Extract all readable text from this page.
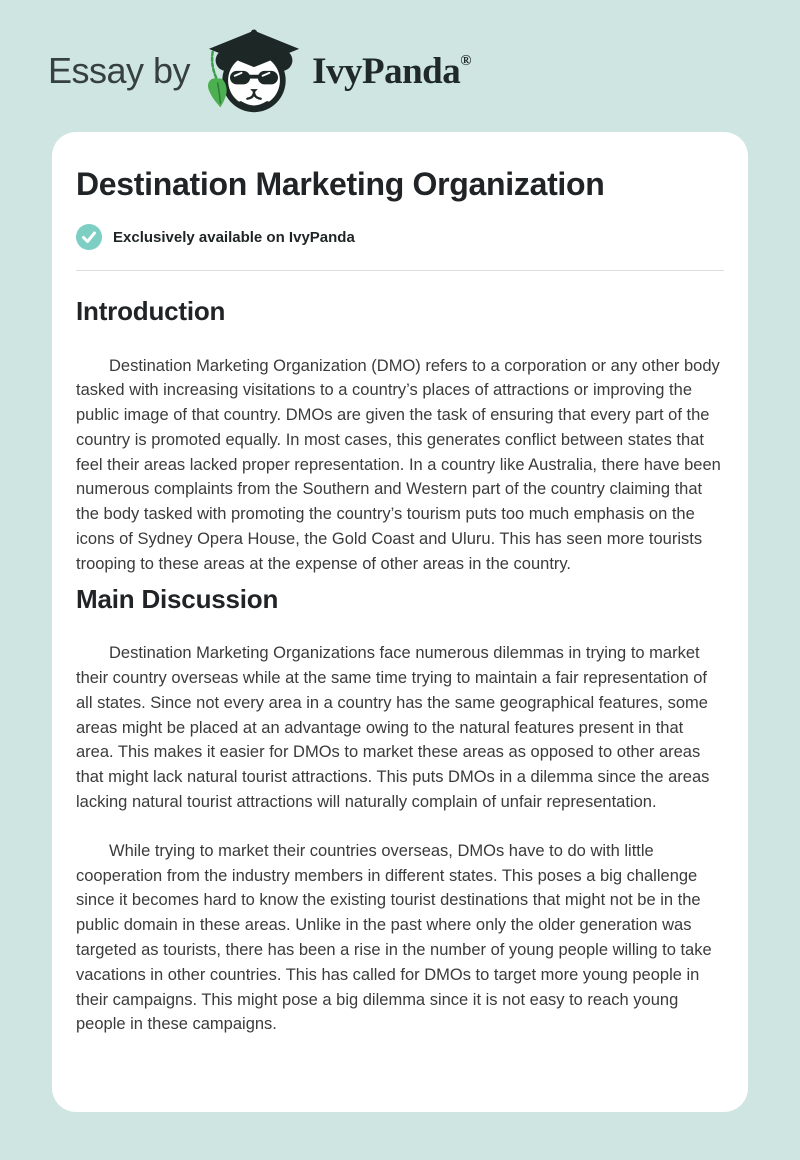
Essay by	IvyPanda®
Destination Marketing Organization
Exclusively available on IvyPanda
Introduction

Destination Marketing Organization (DMO) refers to a corporation or any other body tasked with increasing visitations to a country’s places of attractions or improving the public image of that country. DMOs are given the task of ensuring that every part of the country is promoted equally. In most cases, this generates conflict between states that feel their areas lacked proper representation. In a country like Australia, there have been numerous complaints from the Southern and Western part of the country claiming that the body tasked with promoting the country’s tourism puts too much emphasis on the icons of Sydney Opera House, the Gold Coast and Uluru. This has seen more tourists trooping to these areas at the expense of other areas in the country.

Main Discussion

Destination Marketing Organizations face numerous dilemmas in trying to market their country overseas while at the same time trying to maintain a fair representation of all states. Since not every area in a country has the same geographical features, some areas might be placed at an advantage owing to the natural features present in that area. This makes it easier for DMOs to market these areas as opposed to other areas that might lack natural tourist attractions. This puts DMOs in a dilemma since the areas lacking natural tourist attractions will naturally complain of unfair representation.

While trying to market their countries overseas, DMOs have to do with little cooperation from the industry members in different states. This poses a big challenge since it becomes hard to know the existing tourist destinations that might not be in the public domain in these areas. Unlike in the past where only the older generation was targeted as tourists, there has been a rise in the number of young people willing to take vacations in other countries. This has called for DMOs to target more young people in their campaigns. This might pose a big dilemma since it is not easy to reach young people in these campaigns.
